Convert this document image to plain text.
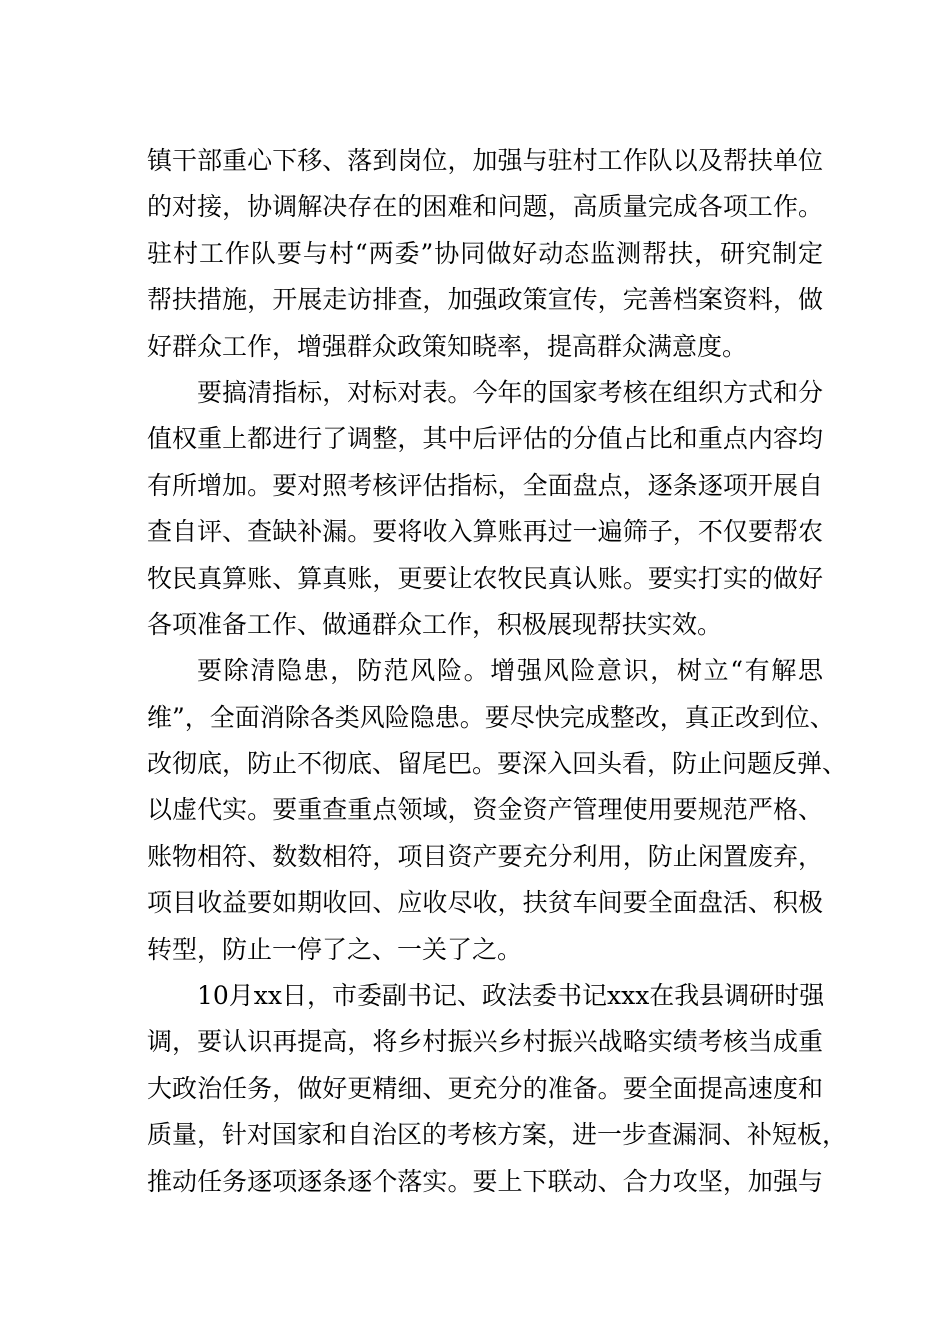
镇干部重心下移、落到岗位，加强与驻村工作队以及帮扶单位
的对接，协调解决存在的困难和问题，高质量完成各项工作。
驻村工作队要与村“两委”协同做好动态监测帮扶，研究制定
帮扶措施，开展走访排查，加强政策宣传，完善档案资料，做
好群众工作，增强群众政策知晓率，提高群众满意度。
要搞清指标，对标对表。今年的国家考核在组织方式和分
值权重上都进行了调整，其中后评估的分值占比和重点内容均
有所增加。要对照考核评估指标，全面盘点，逐条逐项开展自
查自评、查缺补漏。要将收入算账再过一遍筛子，不仅要帮农
牧民真算账、算真账，更要让农牧民真认账。要实打实的做好
各项准备工作、做通群众工作，积极展现帮扶实效。
要除清隐患，防范风险。增强风险意识，树立“有解思
维”，全面消除各类风险隐患。要尽快完成整改，真正改到位、
改彻底，防止不彻底、留尾巴。要深入回头看，防止问题反弹、
以虚代实。要重查重点领域，资金资产管理使用要规范严格、
账物相符、数数相符，项目资产要充分利用，防止闲置废弃，
项目收益要如期收回、应收尽收，扶贫车间要全面盘活、积极
转型，防止一停了之、一关了之。
10月xx日，市委副书记、政法委书记xxx在我县调研时强
调，要认识再提高，将乡村振兴乡村振兴战略实绩考核当成重
大政治任务，做好更精细、更充分的准备。要全面提高速度和
质量，针对国家和自治区的考核方案，进一步查漏洞、补短板，
推动任务逐项逐条逐个落实。要上下联动、合力攻坚，加强与
